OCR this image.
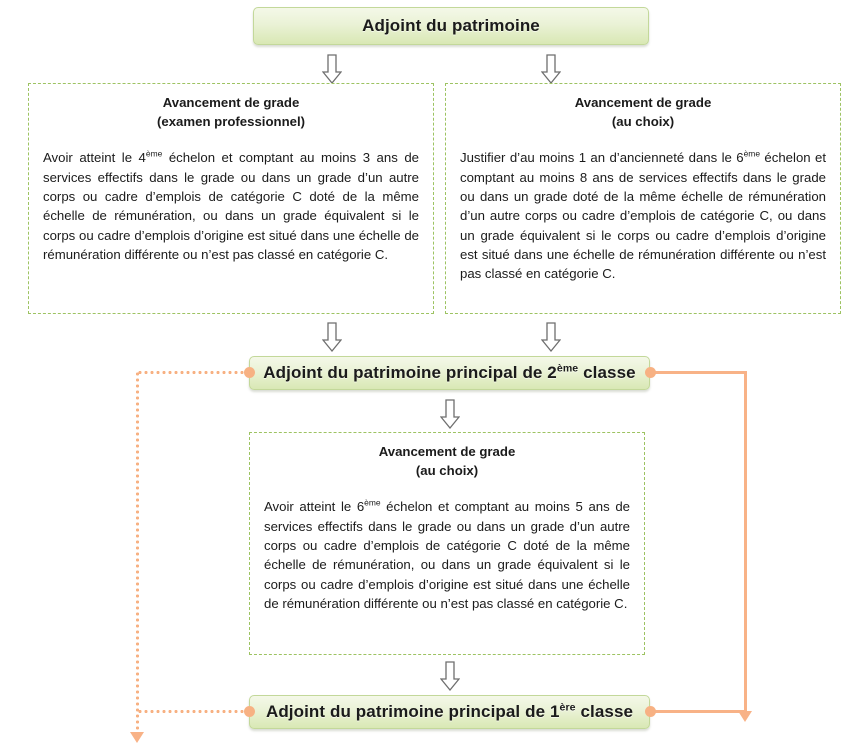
Adjoint du patrimoine
Avancement de grade
(examen professionnel)
Avoir atteint le 4ème échelon et comptant au moins 3 ans de services effectifs dans le grade ou dans un grade d’un autre corps ou cadre d’emplois de catégorie C doté de la même échelle de rémunération, ou dans un grade équivalent si le corps ou cadre d’emplois d’origine est situé dans une échelle de rémunération différente ou n’est pas classé en catégorie C.
Avancement de grade
(au choix)
Justifier d’au moins 1 an d’ancienneté dans le 6ème échelon et comptant au moins 8 ans de services effectifs dans le grade ou dans un grade doté de la même échelle de rémunération d’un autre corps ou cadre d’emplois de catégorie C, ou dans un grade équivalent si le corps ou cadre d’emplois d’origine est situé dans une échelle de rémunération différente ou n’est pas classé en catégorie C.
Adjoint du patrimoine principal de 2ème classe
Avancement de grade
(au choix)
Avoir atteint le 6ème échelon et comptant au moins 5 ans de services effectifs dans le grade ou dans un grade d’un autre corps ou cadre d’emplois de catégorie C doté de la même échelle de rémunération, ou dans un grade équivalent si le corps ou cadre d’emplois d’origine est situé dans une échelle de rémunération différente ou n’est pas classé en catégorie C.
Adjoint du patrimoine principal de 1ère classe
